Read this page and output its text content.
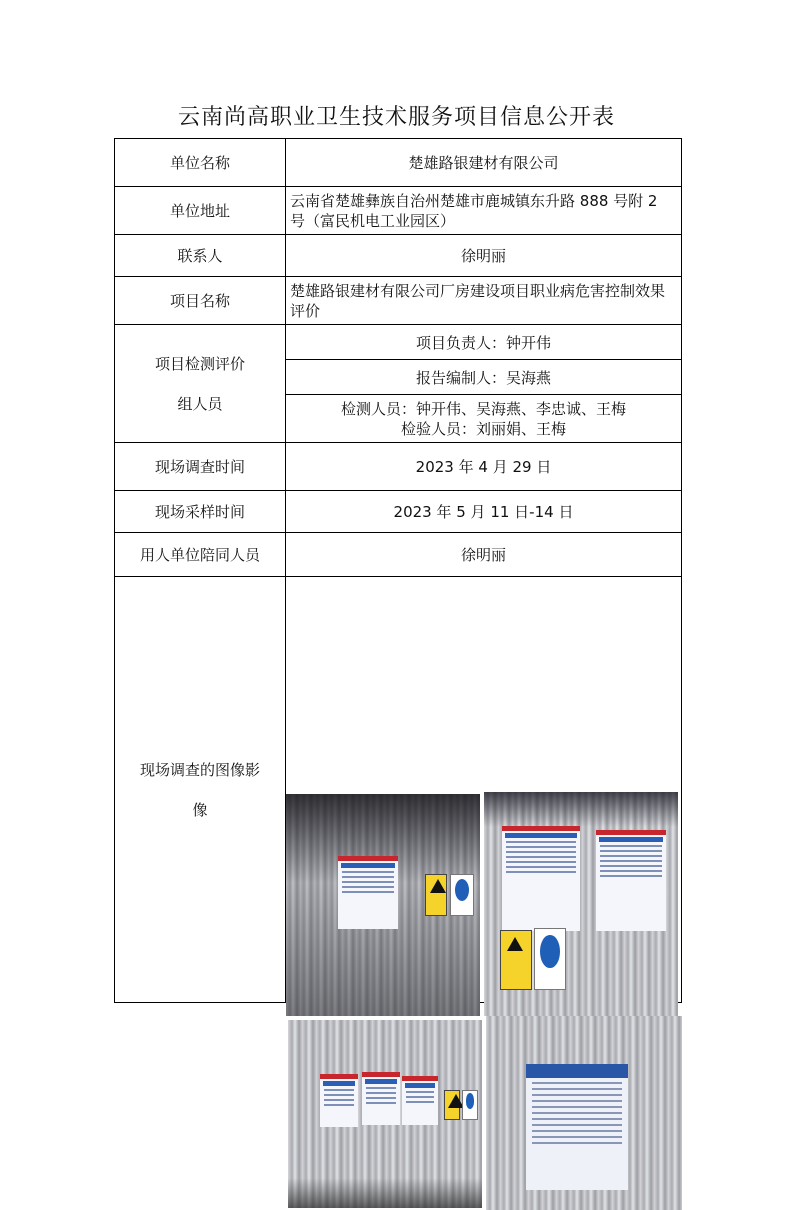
云南尚高职业卫生技术服务项目信息公开表
单位名称	楚雄路银建材有限公司
单位地址	云南省楚雄彝族自治州楚雄市鹿城镇东升路 888 号附 2 号（富民机电工业园区）
联系人	徐明丽
项目名称	楚雄路银建材有限公司厂房建设项目职业病危害控制效果评价

项目检测评价
组人员	项目负责人：钟开伟
	报告编制人：吴海燕

	检测人员：钟开伟、吴海燕、李忠诚、王梅
检验人员：刘丽娟、王梅

现场调查时间	2023 年 4 月 29 日
现场采样时间	2023 年 5 月 11 日-14 日
用人单位陪同人员	徐明丽

现场调查的图像影
像	
